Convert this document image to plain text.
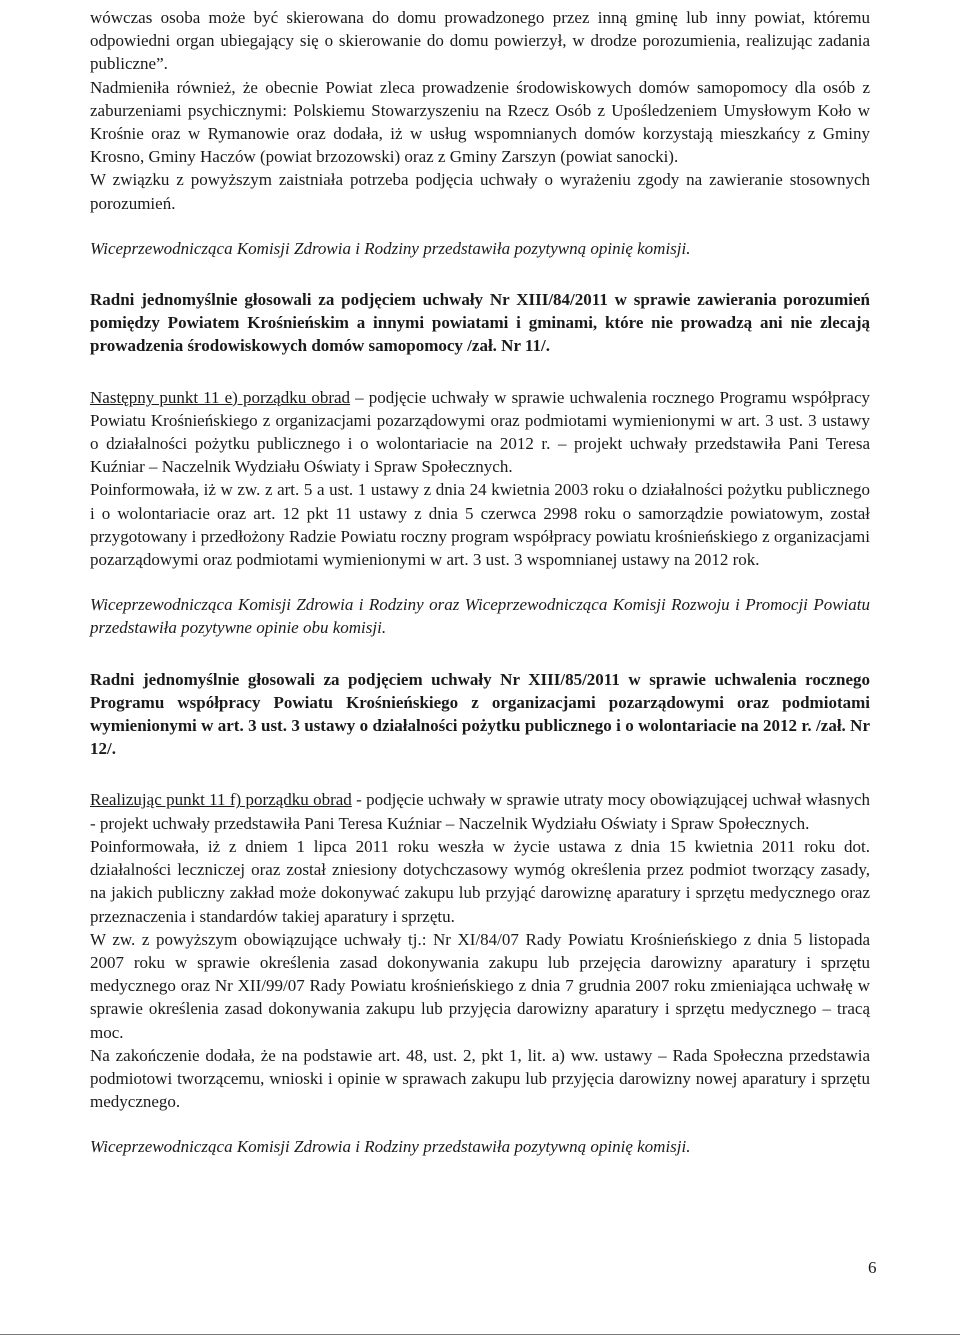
wówczas osoba może być skierowana do domu prowadzonego przez inną gminę lub inny powiat, któremu odpowiedni organ ubiegający się o skierowanie do domu powierzył, w drodze porozumienia, realizując zadania publiczne”.

Nadmieniła również, że obecnie Powiat zleca prowadzenie środowiskowych domów samopomocy dla osób z zaburzeniami psychicznymi: Polskiemu Stowarzyszeniu na Rzecz Osób z Upośledzeniem Umysłowym Koło w Krośnie oraz w Rymanowie oraz dodała, iż w usług wspomnianych domów korzystają mieszkańcy z Gminy Krosno, Gminy Haczów (powiat brzozowski) oraz z Gminy Zarszyn (powiat sanocki).

W związku z powyższym zaistniała potrzeba podjęcia uchwały o wyrażeniu zgody na zawieranie stosownych porozumień.

Wiceprzewodnicząca Komisji Zdrowia i Rodziny przedstawiła pozytywną opinię komisji.

Radni jednomyślnie głosowali za podjęciem uchwały Nr XIII/84/2011 w sprawie zawierania porozumień pomiędzy Powiatem Krośnieńskim a innymi powiatami i gminami, które nie prowadzą ani nie zlecają prowadzenia środowiskowych domów samopomocy /zał. Nr 11/.

Następny punkt 11 e) porządku obrad – podjęcie uchwały w sprawie uchwalenia rocznego Programu współpracy Powiatu Krośnieńskiego z organizacjami pozarządowymi oraz podmiotami wymienionymi w art. 3 ust. 3 ustawy o działalności pożytku publicznego i o wolontariacie na 2012 r. – projekt uchwały przedstawiła Pani Teresa Kuźniar – Naczelnik Wydziału Oświaty i Spraw Społecznych.

Poinformowała, iż w zw. z art. 5 a ust. 1 ustawy z dnia 24 kwietnia 2003 roku o działalności pożytku publicznego i o wolontariacie oraz art. 12 pkt 11 ustawy z dnia 5 czerwca 2998 roku o samorządzie powiatowym, został przygotowany i przedłożony Radzie Powiatu roczny program współpracy powiatu krośnieńskiego z organizacjami pozarządowymi oraz podmiotami wymienionymi w art. 3 ust. 3 wspomnianej ustawy na 2012 rok.

Wiceprzewodnicząca Komisji Zdrowia i Rodziny oraz Wiceprzewodnicząca Komisji Rozwoju i Promocji Powiatu przedstawiła pozytywne opinie obu komisji.

Radni jednomyślnie głosowali za podjęciem uchwały Nr XIII/85/2011 w sprawie uchwalenia rocznego Programu współpracy Powiatu Krośnieńskiego z organizacjami pozarządowymi oraz podmiotami wymienionymi w art. 3 ust. 3 ustawy o działalności pożytku publicznego i o wolontariacie na 2012 r. /zał. Nr 12/.

Realizując punkt 11 f) porządku obrad - podjęcie uchwały w sprawie utraty mocy obowiązującej uchwał własnych - projekt uchwały przedstawiła Pani Teresa Kuźniar – Naczelnik Wydziału Oświaty i Spraw Społecznych.

Poinformowała, iż z dniem 1 lipca 2011 roku weszła w życie ustawa z dnia 15 kwietnia 2011 roku dot. działalności leczniczej oraz został zniesiony dotychczasowy wymóg określenia przez podmiot tworzący zasady, na jakich publiczny zakład może dokonywać zakupu lub przyjąć darowiznę aparatury i sprzętu medycznego oraz przeznaczenia i standardów takiej aparatury i sprzętu.

W zw. z powyższym obowiązujące uchwały tj.: Nr XI/84/07 Rady Powiatu Krośnieńskiego z dnia 5 listopada 2007 roku w sprawie określenia zasad dokonywania zakupu lub przejęcia darowizny aparatury i sprzętu medycznego oraz Nr XII/99/07 Rady Powiatu krośnieńskiego z dnia 7 grudnia 2007 roku zmieniająca uchwałę w sprawie określenia zasad dokonywania zakupu lub przyjęcia darowizny aparatury i sprzętu medycznego – tracą moc.

Na zakończenie dodała, że na podstawie art. 48, ust. 2, pkt 1, lit. a) ww. ustawy – Rada Społeczna przedstawia podmiotowi tworzącemu, wnioski i opinie w sprawach zakupu lub przyjęcia darowizny nowej aparatury i sprzętu medycznego.

Wiceprzewodnicząca Komisji Zdrowia i Rodziny przedstawiła pozytywną opinię komisji.

6
